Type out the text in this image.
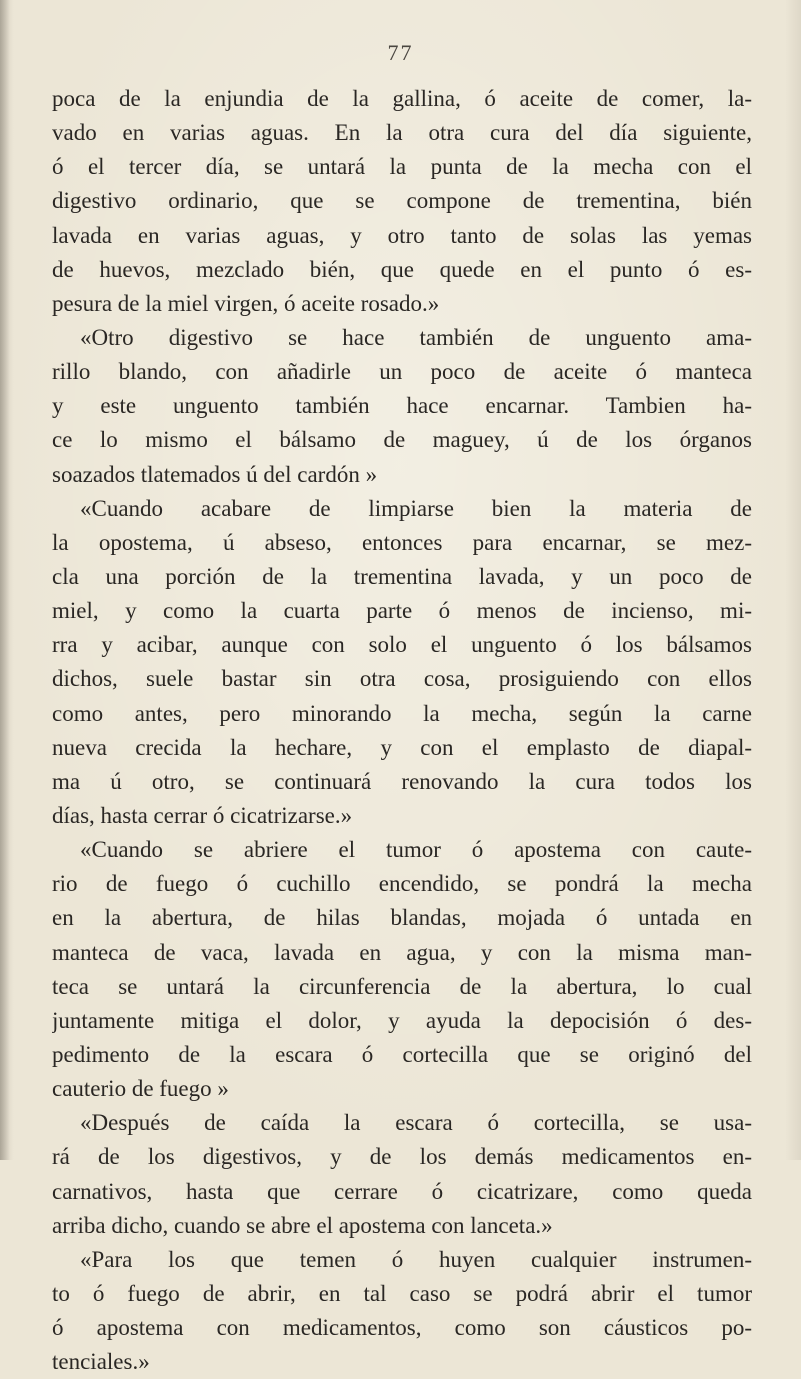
77
poca de la enjundia de la gallina, ó aceite de comer, la-
vado en varias aguas. En la otra cura del día siguiente,
ó el tercer día, se untará la punta de la mecha con el
digestivo ordinario, que se compone de trementina, bién
lavada en varias aguas, y otro tanto de solas las yemas
de huevos, mezclado bién, que quede en el punto ó es-
pesura de la miel virgen, ó aceite rosado.»
«Otro digestivo se hace también de unguento ama-
rillo blando, con añadirle un poco de aceite ó manteca
y este unguento también hace encarnar. Tambien ha-
ce lo mismo el bálsamo de maguey, ú de los órganos
soazados tlatemados ú del cardón »
«Cuando acabare de limpiarse bien la materia de
la opostema, ú abseso, entonces para encarnar, se mez-
cla una porción de la trementina lavada, y un poco de
miel, y como la cuarta parte ó menos de incienso, mi-
rra y acibar, aunque con solo el unguento ó los bálsamos
dichos, suele bastar sin otra cosa, prosiguiendo con ellos
como antes, pero minorando la mecha, según la carne
nueva crecida la hechare, y con el emplasto de diapal-
ma ú otro, se continuará renovando la cura todos los
días, hasta cerrar ó cicatrizarse.»
«Cuando se abriere el tumor ó apostema con caute-
rio de fuego ó cuchillo encendido, se pondrá la mecha
en la abertura, de hilas blandas, mojada ó untada en
manteca de vaca, lavada en agua, y con la misma man-
teca se untará la circunferencia de la abertura, lo cual
juntamente mitiga el dolor, y ayuda la depocisión ó des-
pedimento de la escara ó cortecilla que se originó del
cauterio de fuego »
«Después de caída la escara ó cortecilla, se usa-
rá de los digestivos, y de los demás medicamentos en-
carnativos, hasta que cerrare ó cicatrizare, como queda
arriba dicho, cuando se abre el apostema con lanceta.»
«Para los que temen ó huyen cualquier instrumen-
to ó fuego de abrir, en tal caso se podrá abrir el tumor
ó apostema con medicamentos, como son cáusticos po-
tenciales.»
